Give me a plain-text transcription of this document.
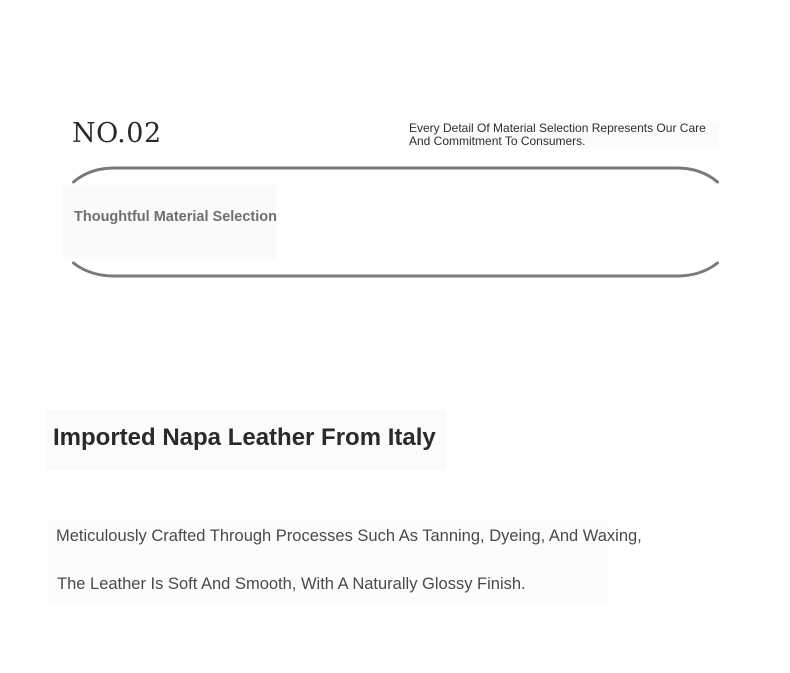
NO.02	Every Detail Of Material Selection Represents Our Care And Commitment To Consumers.
Thoughtful Material Selection
Imported Napa Leather From Italy
Meticulously Crafted Through Processes Such As Tanning, Dyeing, And Waxing,
The Leather Is Soft And Smooth, With A Naturally Glossy Finish.
